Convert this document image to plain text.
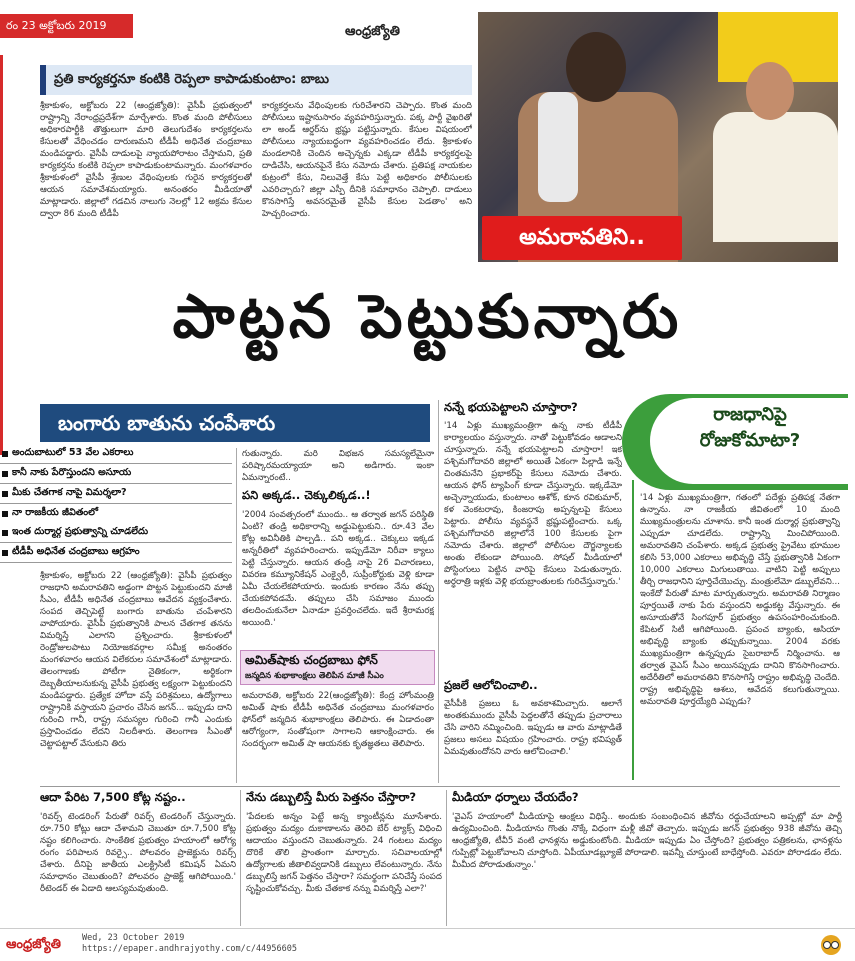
రం 23 అక్టోబరు 2019	ఆంధ్రజ్యోతి
ప్రతి కార్యకర్తనూ కంటికి రెప్పలా కాపాడుకుంటాం: బాబు
శ్రీకాకుళం, అక్టోబరు 22 (ఆంధ్రజ్యోతి): వైసీపీ ప్రభుత్వంలో రాష్ట్రాన్ని నేరాంధ్రప్రదేశ్‌గా మార్చేశారు. కొంత మంది పోలీసులు అధికారపార్టీకి తొత్తులుగా మారి తెలుగుదేశం కార్యకర్తలను కేసులతో వేధించడం దారుణమని టీడీపీ అధినేత చంద్రబాబు మండిపడ్డారు. వైసీపీ దాడులపై న్యాయపోరాటం చేస్తామని, ప్రతి కార్యకర్తను కంటికి రెప్పలా కాపాడుకుంటామన్నారు. మంగళవారం శ్రీకాకుళంలో వైసీపీ శ్రేణుల వేధింపులకు గురైన కార్యకర్తలతో ఆయన సమావేశమయ్యారు. అనంతరం మీడియాతో మాట్లాడారు. జిల్లాలో గడచిన నాలుగు నెలల్లో 12 అక్రమ కేసుల ద్వారా 86 మంది టీడీపీ
కార్యకర్తలను వేధింపులకు గురిచేశారని చెప్పారు. కొంత మంది పోలీసులు ఇష్టానుసారం వ్యవహరిస్తున్నారు. పక్క పార్టీ వైఖరితో లా అండ్ ఆర్డర్‌ను భ్రష్టు పట్టిస్తున్నారు. కేసుల విషయంలో పోలీసులు న్యాయబద్ధంగా వ్యవహరించడం లేదు. శ్రీకాకుళం మండలానికి చెందిన అచ్చెన్నకు ఎక్కడా టీడీపీ కార్యకర్తలపై దాడిచేసి, ఆయనపైనే కేసు నమోదు చేశారు. ప్రతిపక్ష నాయకుల కుట్రంలో కేసు, నిలువెత్తే కేసు పెట్టి అధికారం పోలీసులకు ఎవరిచ్చారు? జిల్లా ఎస్పీ దీనికి సమాధానం చెప్పాలి. దాడులు కొనసాగిస్తే అవసరమైతే వైసీపీ కేసుల పెడతాం' అని హెచ్చరించారు.
అమరావతిని..
పాట్టన పెట్టుకున్నారు
బంగారు బాతును చంపేశారు
అందుబాటులో 53 వేల ఎకరాలు
కానీ నాకు పేరొస్తుందని అసూయ
మీకు చేతగాక నాపై విమర్శలా?
నా రాజకీయ జీవితంలో
ఇంత దుర్మార్గ ప్రభుత్వాన్ని చూడలేదు
టీడీపీ అధినేత చంద్రబాబు ఆగ్రహం
శ్రీకాకుళం, అక్టోబరు 22 (ఆంధ్రజ్యోతి): వైసీపీ ప్రభుత్వం రాజధాని అమరావతిని అడ్డంగా పొట్టన పెట్టుకుందని మాజీ సీఎం, టీడీపీ అధినేత చంద్రబాబు ఆవేదన వ్యక్తంచేశారు. సంపద తెచ్చిపెట్టే బంగారు బాతును చంపేశారని వాపోయారు. వైసీపీ ప్రభుత్వానికి పాలన చేతగాక తనను విమర్శిస్తే ఎలాగని ప్రశ్నించారు. శ్రీకాకుళంలో రెండ్రోజులపాటు నియోజకవర్గాల సమీక్ష అనంతరం మంగళవారం ఆయన విలేకరుల సమావేశంలో మాట్లాడారు. తెలంగాణకు పోటీగా నైతికంగా, అర్థికంగా దెబ్బతీయాలనుకున్న వైసీపీ ప్రభుత్వ లక్ష్యంగా పెట్టుకుందని మండిపడ్డారు. ప్రత్యేక హోదా వస్తే పరిశ్రమలు, ఉద్యోగాలు రాష్ట్రానికి వస్తాయని ప్రచారం చేసిన జగన్‌... ఇప్పుడు దాని గురించి గానీ, రాష్ట్ర సమస్యల గురించి గానీ ఎందుకు ప్రస్తావించడం లేదని నిలదీశారు. తెలంగాణ సీఎంతో చెట్టాపట్టాల్ వేసుకుని తిరు
గుతున్నారు. మరి విభజన సమస్యలేమైనా పరిష్కారమయ్యాయా అని అడిగారు. ఇంకా ఏమన్నారంటే..
పని అక్కడ.. చెక్కులిక్కడ..!
'2004 సంవత్సరంలో ముందు.. ఆ తర్వాత జగన్ పరిస్థితి ఏంటి? తండ్రి అధికారాన్ని అడ్డుపెట్టుకుని.. రూ.43 వేల కోట్ల అవినీతికి పాల్పడి.. పని అక్కడ.. చెక్కులు ఇక్కడ అన్నరీతిలో వ్యవహరించారు. ఇప్పుడేమో నిరీవా క్యాలు పెట్టి చేస్తున్నారు. ఆయన తండ్రి నాపై 26 విచారణలు, వివరణ కమ్యూనికేషన్ ఎంక్వైరీ, సుప్రీంకోర్టుకు వెళ్లి కూడా ఏమీ చేయలేకపోయారు. ఇందుకు కారణం నేను తప్పు చేయకపోవడమే. తప్పులు చేసి సమాజం ముందు తలదించుకునేలా ఏనాడూ ప్రవర్తించలేదు. ఇదే శ్రీరామరక్ష అయింది.'
అమిత్‌షాకు చంద్రబాబు ఫోన్
జన్మదిన శుభాకాంక్షలు తెలిపిన మాజీ సీఎం
అమరావతి, అక్టోబరు 22(ఆంధ్రజ్యోతి): కేంద్ర హోంమంత్రి అమిత్ షాకు టీడీపీ అధినేత చంద్రబాబు మంగళవారం ఫోన్‌లో జన్మదిన శుభాకాంక్షలు తెలిపారు. ఈ ఏడాదంతా ఆరోగ్యంగా, సంతోషంగా సాగాలని ఆకాంక్షించారు. ఈ సందర్భంగా అమిత్ షా ఆయనకు కృతజ్ఞతలు తెలిపారు.
నన్నే భయపెట్టాలని చూస్తారా?
'14 ఏళ్లు ముఖ్యమంత్రిగా ఉన్న నాకు టీడీపీ కార్యాలయం వస్తున్నారు. నాతో పెట్టుకోవడం ఆడాలని చూస్తున్నారు. నన్నే భయపెట్టాలని చూస్తారా! ఇక పశ్చిమగోదావరి జిల్లాలో అయితే ఏకంగా పిల్లాడి ఇన్నే చింతమనేని ప్రభాకర్‌పై కేసులు నమోదు చేశారు. ఆయన ఫోన్ ట్యాపింగ్‌‌ కూడా చేస్తున్నారు. ఇక్కడేమో అచ్చెన్నాయుడు, కుంటాలం ఆశోక్, కూన రవికుమార్, కళ వెంకటరావు, కింజరాపు అప్పన్నలపై కేసులు పెట్టారు. పోలీసు వ్యవస్థనే భ్రష్టుపట్టించారు. ఒక్క పశ్చిమగోదావరి జిల్లాలోనే 100 కేసులకు పైగా నమోదు చేశారు. జిల్లాలో పోలీసుల దౌర్జన్యాలకు అంతు లేకుండా పోయింది. సోషల్ మీడియాలో పోస్టింగులు పెట్టిన వారిపై కేసులు పెడుతున్నారు. అర్ధరాత్రి ఇళ్లకు వెళ్లి భయబ్రాంతులకు గురిచేస్తున్నారు.'
ప్రజలే ఆలోచించాలి..
వైసీపీకి ప్రజలు ఓ అవకాశమిచ్చారు. ఆలాగే అంతకుముందు వైసీపీ పెద్దలతోనే తప్పుడు ప్రచారాలు చేసి వారిని నమ్మించింది. ఇప్పుడు ఆ వారు మాట్లాడితే ప్రజలు అసలు విషయం గ్రహించారు. రాష్ట్ర భవిష్యత్ ఏమవుతుందోనని వారు ఆలోచించాలి.'
రాజధానిపై రోజుకోమాటా?
'14 ఏళ్లు ముఖ్యమంత్రిగా, గతంలో పదేళ్లు ప్రతిపక్ష నేతగా ఉన్నాను. నా రాజకీయ జీవితంలో 10 మంది ముఖ్యమంత్రులను చూశాను. కానీ ఇంత దుర్మార్గ ప్రభుత్వాన్ని ఎప్పుడూ చూడలేదు. రాష్ట్రాన్ని మించిపోయింది. అమరావతిని చంపేశారు. అక్కడ ప్రభుత్వ ప్రైవేటు భూముల కలిసి 53,000 ఎకరాలు అభివృద్ధి చేస్తే ప్రభుత్వానికి ఏకంగా 10,000 ఎకరాలు మిగులుతాయి. వాటిని పెట్టి అప్పులు తీర్చి రాజధానిని పూర్తిచేయొచ్చు. మంత్రులేమో డబ్బులేవని... ఇంకేదో పేరుతో మాట మార్చుతున్నారు. అమరావతి నిర్మాణం పూర్తయితే నాకు పేరు వస్తుందని అడ్డుకట్ట వేస్తున్నారు. ఈ అసూయతోనే సింగపూర్ ప్రభుత్వం ఉపసంహరించుకుంది. కేపిటల్ సిటీ ఆగిపోయింది. ప్రపంచ బ్యాంకు, ఆసియా అభివృద్ధి బ్యాంకు తప్పుకున్నాయి. 2004 వరకు ముఖ్యమంత్రిగా ఉన్నప్పుడు సైబరాబాద్ నిర్మించాను. ఆ తర్వాత వైఎస్ సీఎం అయినప్పుడు దానిని కొనసాగించారు. అదేరీతిలో అమరావతిని కొనసాగిస్తే రాష్ట్రం అభివృద్ధి చెందేది. రాష్ట్ర అభివృద్ధిపై ఆశలు, ఆవేదన కలుగుతున్నాయి. అమరావతి పూర్తయ్యేది ఎప్పుడు?
ఆదా పేరిట 7,500 కోట్ల నష్టం..
'రివర్స్ టెండరింగ్ పేరుతో రివర్స్ టెండరింగ్ చేస్తున్నారు. రూ.750 కోట్లు ఆదా చేశామని చెబుతూ రూ.7,500 కోట్ల నష్టం కలిగించారు. సాంకేతిక ప్రభుత్వం హయాంలో ఆరోగ్య రంగం పరిపాలన రివర్సై.. పోలవరం ప్రాజెక్టును రివర్స్ చేశారు. దీనిపై జాతీయ ఎలక్ట్రిసిటీ కమిషన్ ఏమని సమాధానం చెబుతుంది? పోలవరం ప్రాజెక్ట్ ఆగిపోయింది.' రీటెండర్ ఈ ఏడాది ఆలస్యమవుతుంది.
నేను డబ్బులిస్తే మీరు పెత్తనం చేస్తారా?
'పేదలకు అన్నం పెట్టే అన్న క్యాంటీన్లను మూసేశారు. ప్రభుత్వం మద్యం దుకాణాలను తెరిచి బేర్ ట్యాక్స్ విధించి ఆదాయం వస్తుందని చెబుతున్నారు. 24 గంటలు మద్యం దొరికే తొలి ప్రాంతంగా మార్చారు. సచివాలయాల్లో ఉద్యోగాలకు జీతాలివ్వడానికి డబ్బులు లేవంటున్నారు. నేను డబ్బులిస్తే జగన్ పెత్తనం చేస్తారా? సమర్థంగా పనిచేస్తే సంపద సృష్టించుకోవచ్చు. మీకు చేతకాక నన్ను విమర్శిస్తే ఎలా?'
మీడియా ధర్నాలు చేయదేం?
'వైఎస్ హయాంలో మీడియాపై ఆంక్షలు విధిస్తే.. అందుకు సంబంధించిన జీవోను రద్దుచేయాలని అప్పట్లో మా పార్టీ ఉద్యమించింది. మీడియాను గొంతు నొక్కే విధంగా మళ్లీ జీవో తెచ్చారు. ఇప్పుడు జగన్ ప్రభుత్వం 938 జీవోను తెచ్చి ఆంధ్రజ్యోతి, టీవీ5 వంటి ఛానళ్లను అడ్డుకుంటోంది. మీడియా ఇప్పుడు ఏం చేస్తోంది? ప్రభుత్వం పత్రికలను, ఛానళ్లను గుప్పిట్లో పెట్టుకోవాలని చూస్తోంది. ఏపీయూడబ్ల్యూజే పోరాడాలి. ఇవన్నీ చూస్తుంటే బాధేస్తోంది. ఎవరూ పోరాడడం లేదు. మీమీద పోరాడుతున్నాం.'
ఆంధ్రజ్యోతి Wed, 23 October 2019
https://epaper.andhrajyothy.com/c/44956605
